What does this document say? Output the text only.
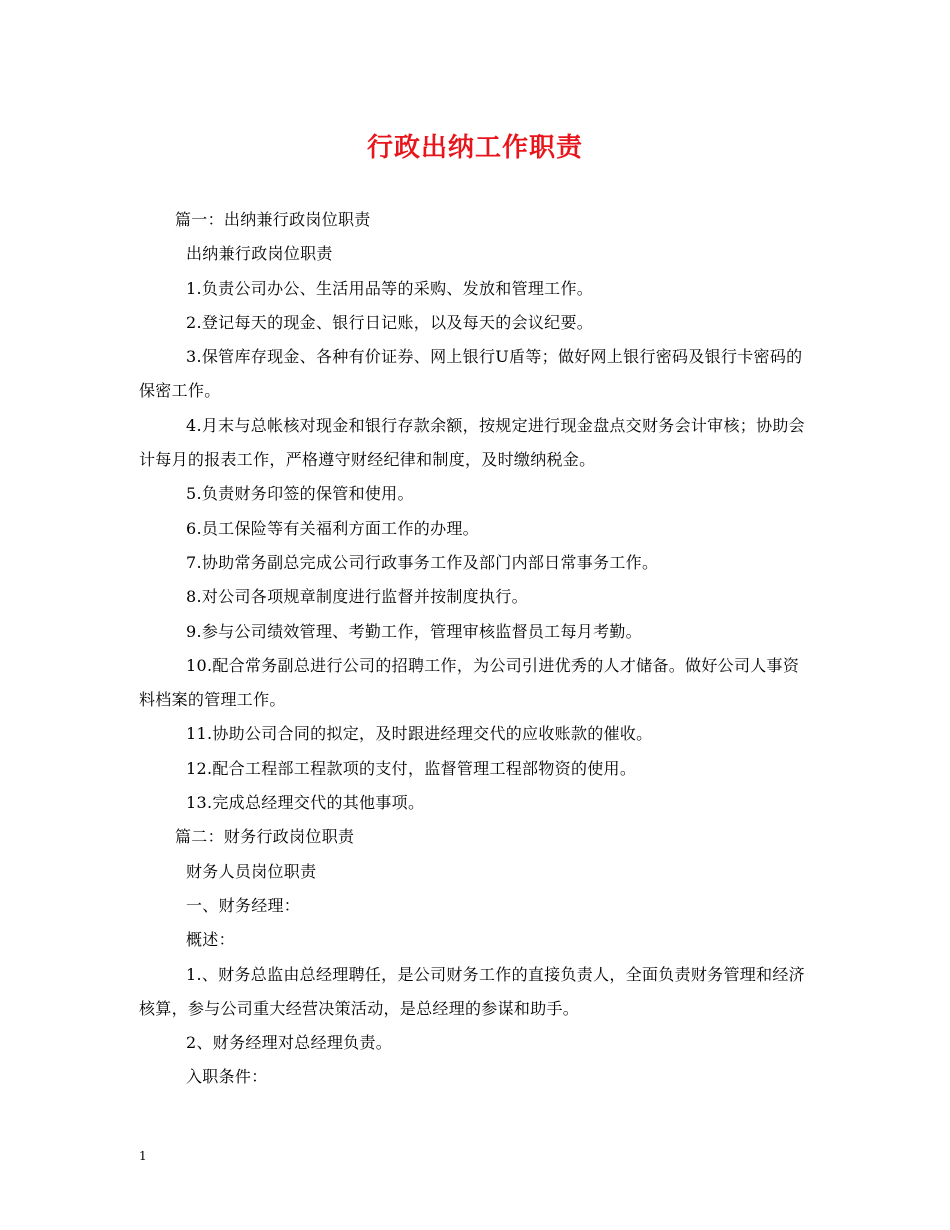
行政出纳工作职责

篇一：出纳兼行政岗位职责

出纳兼行政岗位职责

1.负责公司办公、生活用品等的采购、发放和管理工作。

2.登记每天的现金、银行日记账，以及每天的会议纪要。

3.保管库存现金、各种有价证券、网上银行U盾等；做好网上银行密码及银行卡密码的保密工作。

4.月末与总帐核对现金和银行存款余额，按规定进行现金盘点交财务会计审核；协助会计每月的报表工作，严格遵守财经纪律和制度，及时缴纳税金。

5.负责财务印签的保管和使用。

6.员工保险等有关福利方面工作的办理。

7.协助常务副总完成公司行政事务工作及部门内部日常事务工作。

8.对公司各项规章制度进行监督并按制度执行。

9.参与公司绩效管理、考勤工作，管理审核监督员工每月考勤。

10.配合常务副总进行公司的招聘工作，为公司引进优秀的人才储备。做好公司人事资料档案的管理工作。

11.协助公司合同的拟定，及时跟进经理交代的应收账款的催收。

12.配合工程部工程款项的支付，监督管理工程部物资的使用。

13.完成总经理交代的其他事项。

篇二：财务行政岗位职责

财务人员岗位职责

一、财务经理：

概述：

1.、财务总监由总经理聘任，是公司财务工作的直接负责人，全面负责财务管理和经济核算，参与公司重大经营决策活动，是总经理的参谋和助手。

2、财务经理对总经理负责。

入职条件：

1
